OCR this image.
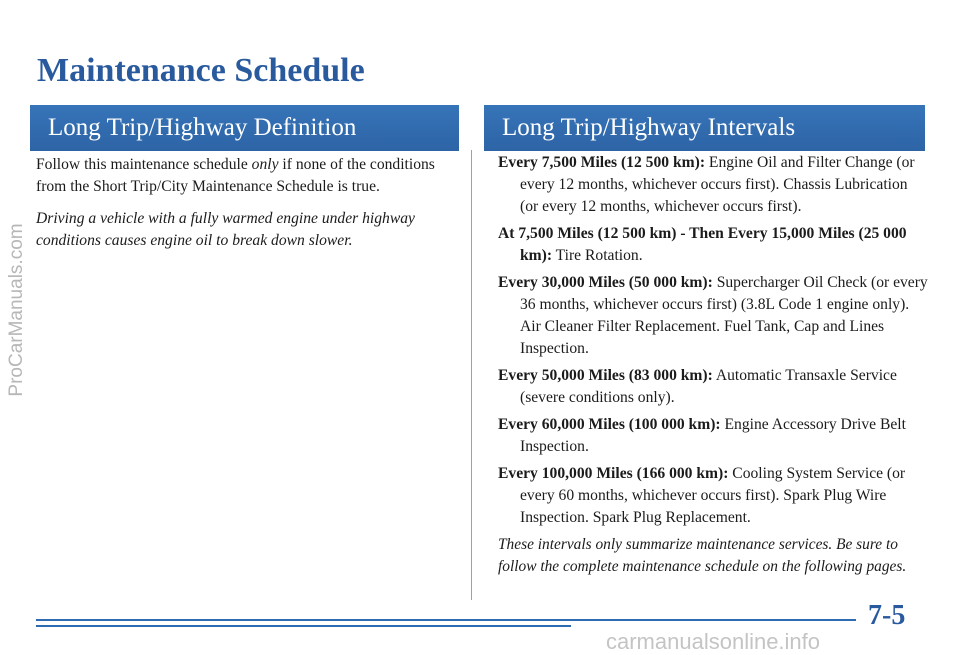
ProCarManuals.com
Maintenance Schedule
Long Trip/Highway Definition	Long Trip/Highway Intervals

Follow this maintenance schedule only if none of the conditions from the Short Trip/City Maintenance Schedule is true.

Driving a vehicle with a fully warmed engine under highway conditions causes engine oil to break down slower.

Every 7,500 Miles (12 500 km): Engine Oil and Filter Change (or every 12 months, whichever occurs first). Chassis Lubrication (or every 12 months, whichever occurs first).

At 7,500 Miles (12 500 km) - Then Every 15,000 Miles (25 000 km): Tire Rotation.

Every 30,000 Miles (50 000 km): Supercharger Oil Check (or every 36 months, whichever occurs first) (3.8L Code 1 engine only). Air Cleaner Filter Replacement. Fuel Tank, Cap and Lines Inspection.

Every 50,000 Miles (83 000 km): Automatic Transaxle Service (severe conditions only).

Every 60,000 Miles (100 000 km): Engine Accessory Drive Belt Inspection.

Every 100,000 Miles (166 000 km): Cooling System Service (or every 60 months, whichever occurs first). Spark Plug Wire Inspection. Spark Plug Replacement.

These intervals only summarize maintenance services. Be sure to follow the complete maintenance schedule on the following pages.

7-5
carmanualsonline.info
